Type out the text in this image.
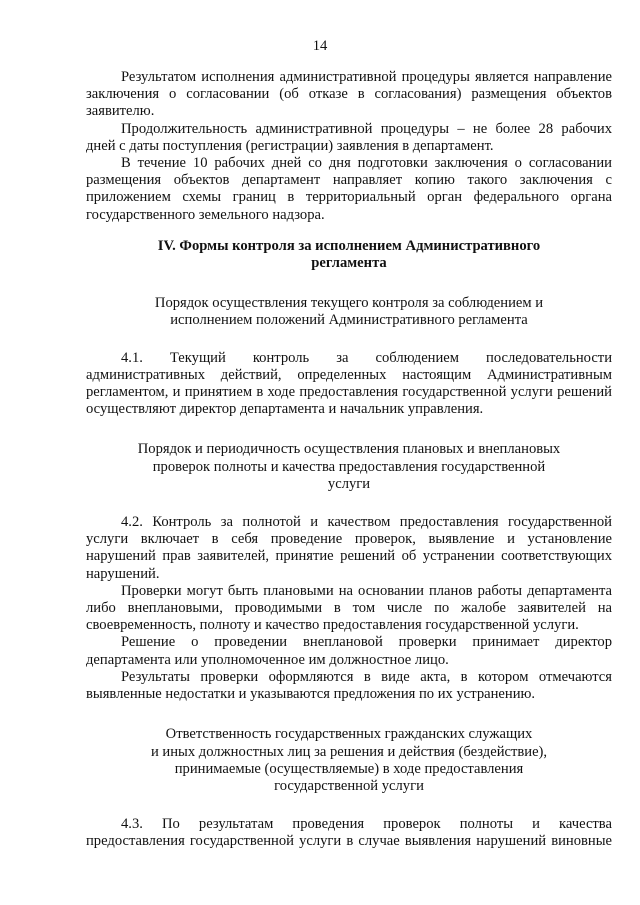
14

Результатом исполнения административной процедуры является направление заключения о согласовании (об отказе в согласования) размещения объектов заявителю.

Продолжительность административной процедуры – не более 28 рабочих дней с даты поступления (регистрации) заявления в департамент.

В течение 10 рабочих дней со дня подготовки заключения о согласовании размещения объектов департамент направляет копию такого заключения с приложением схемы границ в территориальный орган федерального органа государственного земельного надзора.

IV. Формы контроля за исполнением Административного
регламента
Порядок осуществления текущего контроля за соблюдением и
исполнением положений Административного регламента

4.1. Текущий контроль за соблюдением последовательности административных действий, определенных настоящим Административным регламентом, и принятием в ходе предоставления государственной услуги решений осуществляют директор департамента и начальник управления.

Порядок и периодичность осуществления плановых и внеплановых
проверок полноты и качества предоставления государственной
услуги

4.2. Контроль за полнотой и качеством предоставления государственной услуги включает в себя проведение проверок, выявление и установление нарушений прав заявителей, принятие решений об устранении соответствующих нарушений.

Проверки могут быть плановыми на основании планов работы департамента либо внеплановыми, проводимыми в том числе по жалобе заявителей на своевременность, полноту и качество предоставления государственной услуги.

Решение о проведении внеплановой проверки принимает директор департамента или уполномоченное им должностное лицо.

Результаты проверки оформляются в виде акта, в котором отмечаются выявленные недостатки и указываются предложения по их устранению.

Ответственность государственных гражданских служащих
и иных должностных лиц за решения и действия (бездействие),
принимаемые (осуществляемые) в ходе предоставления
государственной услуги
4.3. По результатам проведения проверок полноты и качества
предоставления государственной услуги в случае выявления нарушений виновные
